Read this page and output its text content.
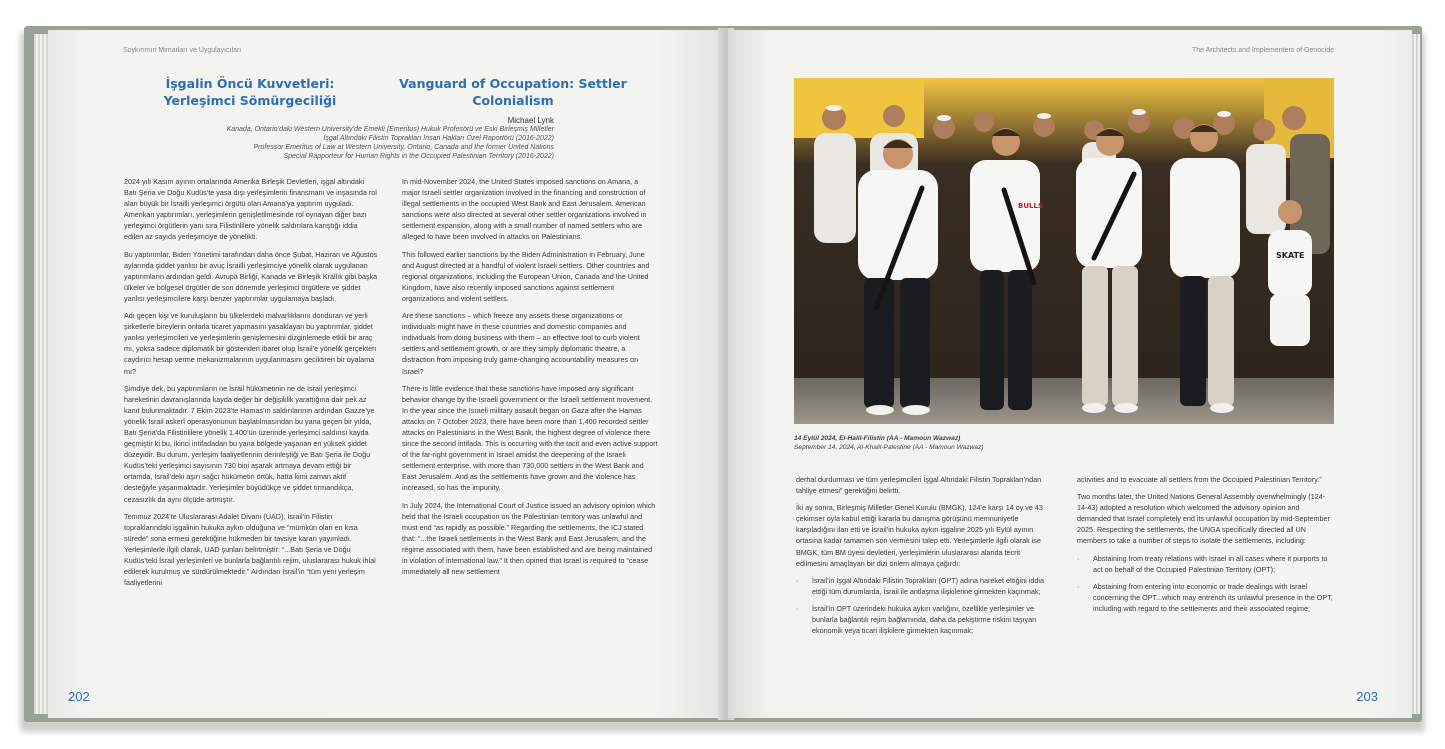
Soykırımın Mimarları ve Uygulayıcıları
İşgalin Öncü Kuvvetleri: Yerleşimci Sömürgeciliği
Vanguard of Occupation: Settler Colonialism
Michael Lynk
Kanada, Ontario’daki Western University’de Emekli (Emeritus) Hukuk Profesörü ve Eski Birleşmiş Milletler
İşgal Altındaki Filistin Toprakları İnsan Hakları Özel Raportörü (2016-2022)
Professor Emeritus of Law at Western University, Ontario, Canada and the former United Nations
Special Rapporteur for Human Rights in the Occupied Palestinian Territory (2016-2022)

2024 yılı Kasım ayının ortalarında Amerika Birleşik Devletleri, işgal altındaki Batı Şeria ve Doğu Kudüs’te yasa dışı yerleşimlerin finansmanı ve inşasında rol alan büyük bir İsrailli yerleşimci örgütü olan Amana’ya yaptırım uyguladı. Amerikan yaptırımları, yerleşimlerin genişletilmesinde rol oynayan diğer bazı yerleşimci örgütlerin yanı sıra Filistinlilere yönelik saldırılara karıştığı iddia edilen az sayıda yerleşimciye de yönelikti.

Bu yaptırımlar, Biden Yönetimi tarafından daha önce Şubat, Haziran ve Ağustos aylarında şiddet yanlısı bir avuç İsrailli yerleşimciye yönelik olarak uygulanan yaptırımların ardından geldi. Avrupa Birliği, Kanada ve Birleşik Krallık gibi başka ülkeler ve bölgesel örgütler de son dönemde yerleşimci örgütlere ve şiddet yanlısı yerleşimcilere karşı benzer yaptırımlar uygulamaya başladı.

Adı geçen kişi ve kuruluşların bu ülkelerdeki malvarlıklarını donduran ve yerli şirketlerle bireylerin onlarla ticaret yapmasını yasaklayan bu yaptırımlar, şiddet yanlısı yerleşimcileri ve yerleşimlerin genişlemesini dizginlemede etkili bir araç mı, yoksa sadece diplomatik bir gösteriden ibaret olup İsrail’e yönelik gerçekten caydırıcı hesap verme mekanizmalarının uygulanmasını geciktiren bir oyalama mı?

Şimdiye dek, bu yaptırımların ne İsrail hükümetinin ne de İsrail yerleşimci hareketinin davranışlarında kayda değer bir değişiklik yarattığına dair pek az kanıt bulunmaktadır. 7 Ekim 2023’te Hamas’ın saldırılarının ardından Gazze’ye yönelik İsrail askerî operasyonunun başlatılmasından bu yana geçen bir yılda, Batı Şeria’da Filistinlilere yönelik 1.400’ün üzerinde yerleşimci saldırısı kayda geçmiştir ki bu, ikinci intifadadan bu yana bölgede yaşanan en yüksek şiddet düzeyidir. Bu durum, yerleşim faaliyetlerinin derinleştiği ve Batı Şeria ile Doğu Kudüs’teki yerleşimci sayısının 730 bini aşarak artmaya devam ettiği bir ortamda, İsrail’deki aşırı sağcı hükümetin örtük, hatta kimi zaman aktif desteğiyle yaşanmaktadır. Yerleşimler büyüdükçe ve şiddet tırmandıkça, cezasızlık da aynı ölçüde artmıştır.

Temmuz 2024’te Uluslararası Adalet Divanı (UAD), İsrail’in Filistin topraklarındaki işgalinin hukuka aykırı olduğuna ve “mümkün olan en kısa sürede” sona ermesi gerektiğine hükmeden bir tavsiye kararı yayımladı. Yerleşimlerle ilgili olarak, UAD şunları belirtmiştir: “...Batı Şeria ve Doğu Kudüs’teki İsrail yerleşimleri ve bunlarla bağlantılı rejim, uluslararası hukuk ihlal edilerek kurulmuş ve sürdürülmektedir.” Ardından İsrail’in “tüm yeni yerleşim faaliyetlerini

In mid-November 2024, the United States imposed sanctions on Amana, a major Israeli settler organization involved in the financing and construction of illegal settlements in the occupied West Bank and East Jerusalem. American sanctions were also directed at several other settler organizations involved in settlement expansion, along with a small number of named settlers who are alleged to have been involved in attacks on Palestinians.

This followed earlier sanctions by the Biden Administration in February, June and August directed at a handful of violent Israeli settlers. Other countries and regional organizations, including the European Union, Canada and the United Kingdom, have also recently imposed sanctions against settlement organizations and violent settlers.

Are these sanctions – which freeze any assets these organizations or individuals might have in these countries and domestic companies and individuals from doing business with them – an effective tool to curb violent settlers and settlement growth, or are they simply diplomatic theatre, a distraction from imposing truly game-changing accountability measures on Israel?

There is little evidence that these sanctions have imposed any significant behavior change by the Israeli government or the Israeli settlement movement. In the year since the Israeli military assault began on Gaza after the Hamas attacks on 7 October 2023, there have been more than 1,400 recorded settler attacks on Palestinians in the West Bank, the highest degree of violence there since the second intifada. This is occurring with the tacit and even active support of the far-right government in Israel amidst the deepening of the Israeli settlement enterprise, with more than 730,000 settlers in the West Bank and East Jerusalem. And as the settlements have grown and the violence has increased, so has the impunity.

In July 2024, the International Court of Justice issued an advisory opinion which held that the Israeli occupation on the Palestinian territory was unlawful and must end “as rapidly as possible.” Regarding the settlements, the ICJ stated that: “...the Israeli settlements in the West Bank and East Jerusalem, and the régime associated with them, have been established and are being maintained in violation of international law.” It then opined that Israel is required to “cease immediately all new settlement

202
The Architects and Implementers of Genocide
BULLS
SKATE
14 Eylül 2024, El-Halil-Filistin (AA - Mamoun Wazwaz)
September 14, 2024, Al-Khalil-Palestine (AA - Mamoun Wazwaz)

derhal durdurması ve tüm yerleşimcileri İşgal Altındaki Filistin Toprakları’ndan tahliye etmesi” gerektiğini belirtti.

İki ay sonra, Birleşmiş Milletler Genel Kurulu (BMGK), 124’e karşı 14 oy ve 43 çekimser oyla kabul ettiği kararla bu danışma görüşünü memnuniyetle karşıladığını ilan etti ve İsrail’in hukuka aykırı işgaline 2025 yılı Eylül ayının ortasına kadar tamamen son vermesini talep etti. Yerleşimlerle ilgili olarak ise BMGK, tüm BM üyesi devletleri, yerleşimlerin uluslararası alanda tecrit edilmesini amaçlayan bir dizi önlem almaya çağırdı:

· İsrail’in İşgal Altındaki Filistin Toprakları (OPT) adına hareket ettiğini iddia ettiği tüm durumlarda, İsrail ile antlaşma ilişkilerine girmekten kaçınmak;
· İsrail’in OPT üzerindeki hukuka aykırı varlığını, özellikle yerleşimler ve bunlarla bağlantılı rejim bağlamında, daha da pekiştirme riskini taşıyan ekonomik veya ticari ilişkilere girmekten kaçınmak;

activities and to evacuate all settlers from the Occupied Palestinian Territory.”

Two months later, the United Nations General Assembly overwhelmingly (124-14-43) adopted a resolution which welcomed the advisory opinion and demanded that Israel completely end its unlawful occupation by mid-September 2025. Respecting the settlements, the UNGA specifically directed all UN members to take a number of steps to isolate the settlements, including:

· Abstaining from treaty relations with Israel in all cases where it purports to act on behalf of the Occupied Palestinian Territory (OPT);
· Abstaining from entering into economic or trade dealings with Israel concerning the OPT...which may entrench its unlawful presence in the OPT, including with regard to the settlements and their associated regime;
203
